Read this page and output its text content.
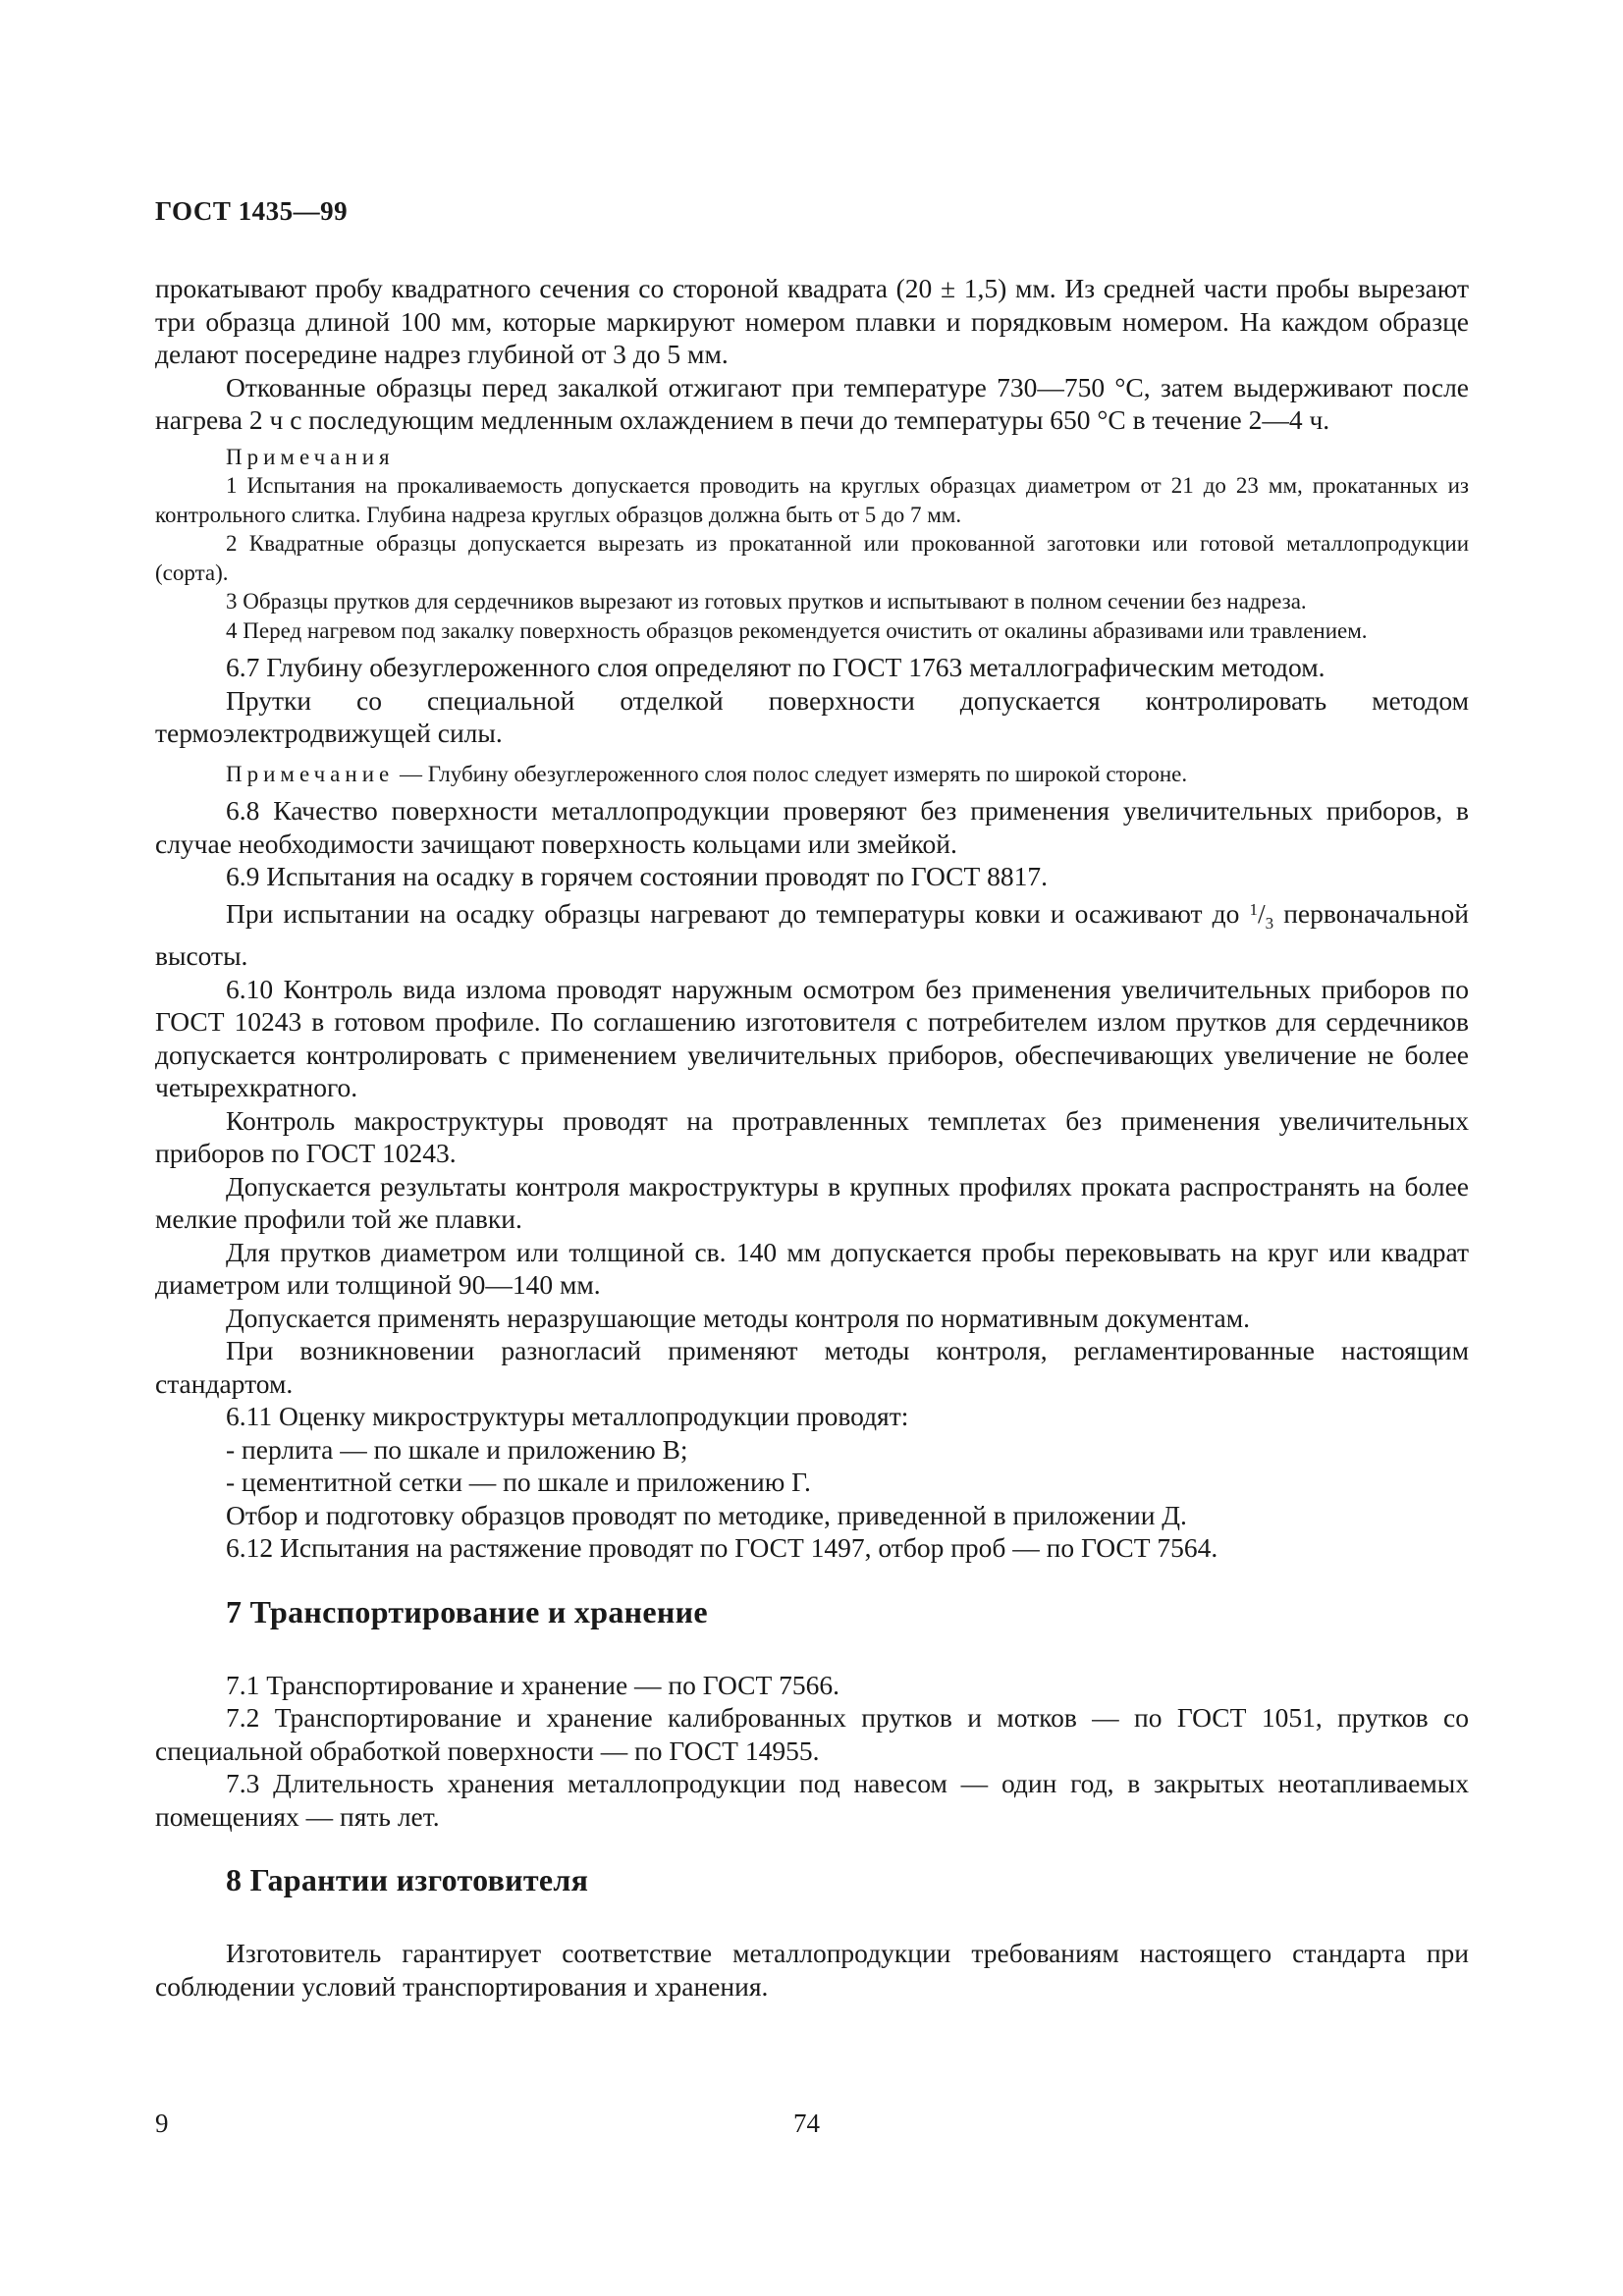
ГОСТ 1435—99

прокатывают пробу квадратного сечения со стороной квадрата (20 ± 1,5) мм. Из средней части пробы вырезают три образца длиной 100 мм, которые маркируют номером плавки и порядковым номером. На каждом образце делают посередине надрез глубиной от 3 до 5 мм.

Откованные образцы перед закалкой отжигают при температуре 730—750 °С, затем выдерживают после нагрева 2 ч с последующим медленным охлаждением в печи до температуры 650 °С в течение 2—4 ч.

Примечания

1 Испытания на прокаливаемость допускается проводить на круглых образцах диаметром от 21 до 23 мм, прокатанных из контрольного слитка. Глубина надреза круглых образцов должна быть от 5 до 7 мм.

2 Квадратные образцы допускается вырезать из прокатанной или прокованной заготовки или готовой металлопродукции (сорта).

3 Образцы прутков для сердечников вырезают из готовых прутков и испытывают в полном сечении без надреза.

4 Перед нагревом под закалку поверхность образцов рекомендуется очистить от окалины абразивами или травлением.

6.7 Глубину обезуглероженного слоя определяют по ГОСТ 1763 металлографическим методом.

Прутки со специальной отделкой поверхности допускается контролировать методом термоэлектродвижущей силы.

Примечание — Глубину обезуглероженного слоя полос следует измерять по широкой стороне.

6.8 Качество поверхности металлопродукции проверяют без применения увеличительных приборов, в случае необходимости зачищают поверхность кольцами или змейкой.

6.9 Испытания на осадку в горячем состоянии проводят по ГОСТ 8817.

При испытании на осадку образцы нагревают до температуры ковки и осаживают до $^1/_3$ первоначальной высоты.

6.10 Контроль вида излома проводят наружным осмотром без применения увеличительных приборов по ГОСТ 10243 в готовом профиле. По соглашению изготовителя с потребителем излом прутков для сердечников допускается контролировать с применением увеличительных приборов, обеспечивающих увеличение не более четырехкратного.

Контроль макроструктуры проводят на протравленных темплетах без применения увеличительных приборов по ГОСТ 10243.

Допускается результаты контроля макроструктуры в крупных профилях проката распространять на более мелкие профили той же плавки.

Для прутков диаметром или толщиной св. 140 мм допускается пробы перековывать на круг или квадрат диаметром или толщиной 90—140 мм.

Допускается применять неразрушающие методы контроля по нормативным документам.

При возникновении разногласий применяют методы контроля, регламентированные настоящим стандартом.

6.11 Оценку микроструктуры металлопродукции проводят:

- перлита — по шкале и приложению В;

- цементитной сетки — по шкале и приложению Г.

Отбор и подготовку образцов проводят по методике, приведенной в приложении Д.

6.12 Испытания на растяжение проводят по ГОСТ 1497, отбор проб — по ГОСТ 7564.

7 Транспортирование и хранение

7.1 Транспортирование и хранение — по ГОСТ 7566.

7.2 Транспортирование и хранение калиброванных прутков и мотков — по ГОСТ 1051, прутков со специальной обработкой поверхности — по ГОСТ 14955.

7.3 Длительность хранения металлопродукции под навесом — один год, в закрытых неотапливаемых помещениях — пять лет.

8 Гарантии изготовителя

Изготовитель гарантирует соответствие металлопродукции требованиям настоящего стандарта при соблюдении условий транспортирования и хранения.

9	74
